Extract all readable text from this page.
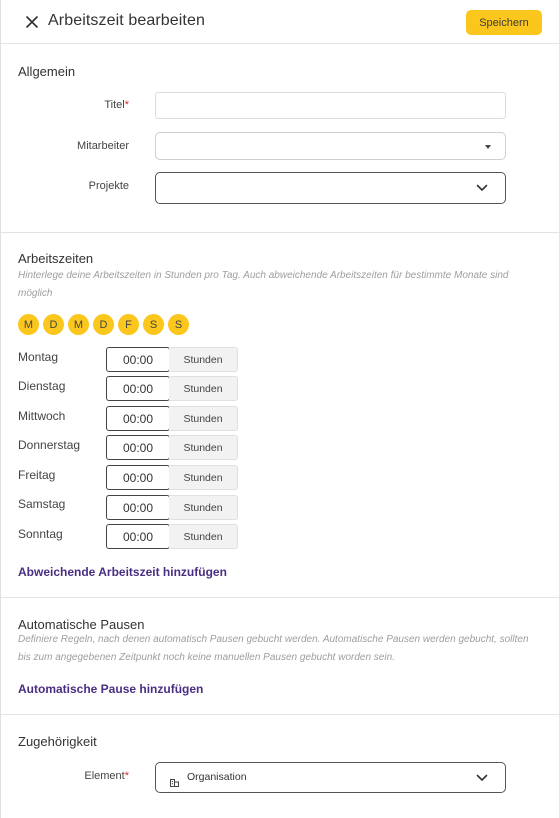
Arbeitszeit bearbeiten	Speichern
Allgemein
Titel*
Mitarbeiter
Projekte
Arbeitszeiten
Hinterlege deine Arbeitszeiten in Stunden pro Tag. Auch abweichende Arbeitszeiten für bestimmte Monate sind möglich
M	D	M	D	F	S	S
Montag	00:00	Stunden
Dienstag	00:00	Stunden
Mittwoch	00:00	Stunden
Donnerstag	00:00	Stunden
Freitag	00:00	Stunden
Samstag	00:00	Stunden
Sonntag	00:00	Stunden
Abweichende Arbeitszeit hinzufügen
Automatische Pausen
Definiere Regeln, nach denen automatisch Pausen gebucht werden. Automatische Pausen werden gebucht, sollten bis zum angegebenen Zeitpunkt noch keine manuellen Pausen gebucht worden sein.
Automatische Pause hinzufügen
Zugehörigkeit
Element*	Organisation
